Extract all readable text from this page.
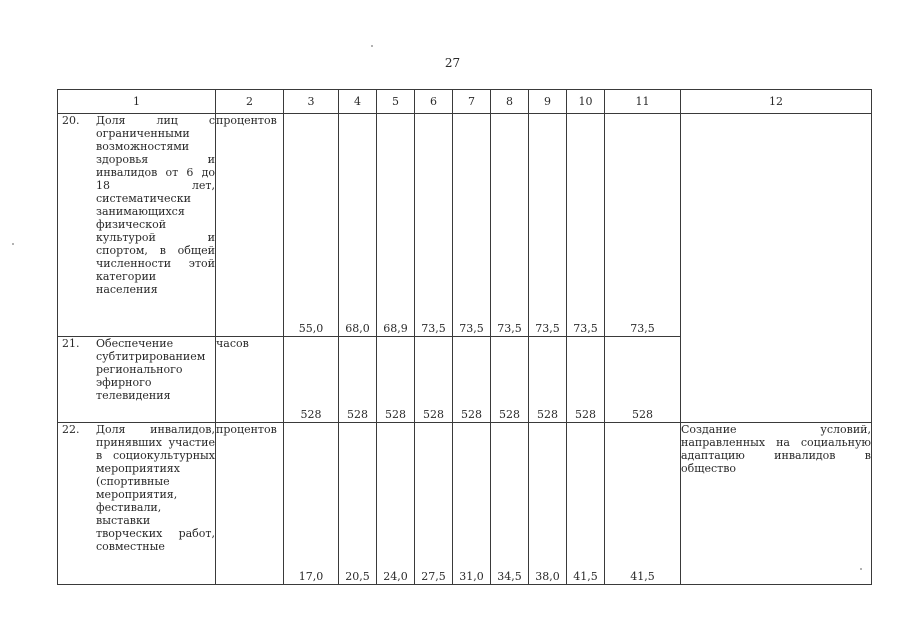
27
1	2	3	4	5	6	7	8	9	10	11	12

20. Доля лиц с ограниченными возможностями здоровья и инвалидов от 6 до 18 лет, систематически занимающихся физической культурой и спортом, в общей численности этой категории населения	процентов	55,0	68,0	68,9	73,5	73,5	73,5	73,5	73,5	73,5	

21. Обеспечение субтитрированием регионального эфирного телевидения	часов	528	528	528	528	528	528	528	528	528	

22. Доля инвалидов, принявших участие в социокультурных мероприятиях (спортивные мероприятия, фестивали, выставки творческих работ, совместные	процентов	17,0	20,5	24,0	27,5	31,0	34,5	38,0	41,5	41,5	Создание условий, направленных на социальную адаптацию инвалидов в общество
